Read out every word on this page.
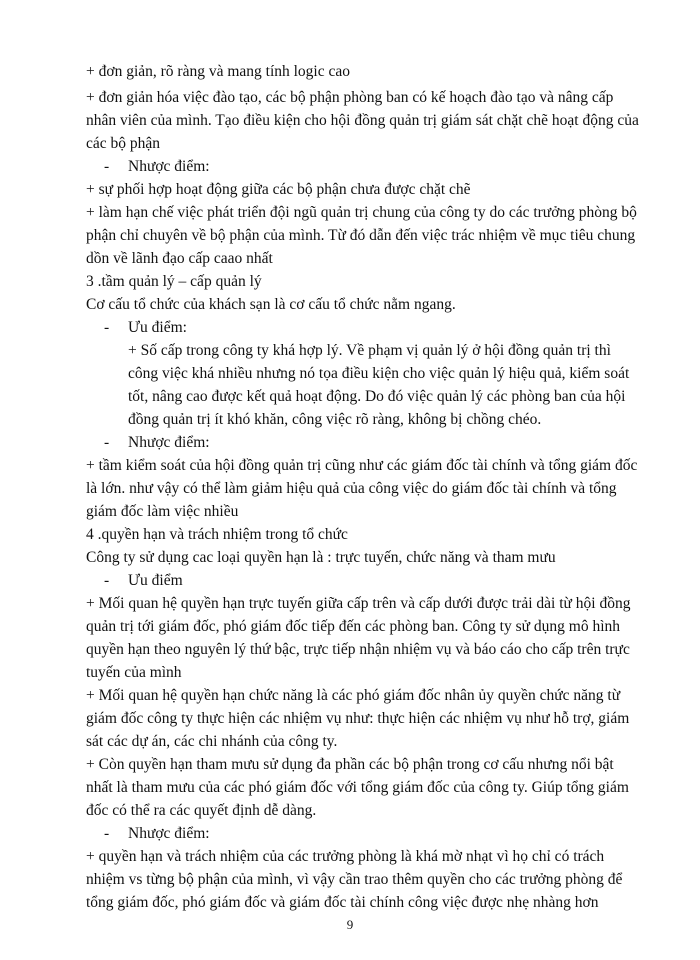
+ đơn giản, rõ ràng và mang tính logic cao
+ đơn giản hóa việc đào tạo, các bộ phận phòng ban có kế hoạch đào tạo và nâng cấp
nhân viên của mình. Tạo điều kiện cho hội đồng quản trị giám sát chặt chẽ hoạt động của
các bộ phận
- Nhược điểm:
+ sự phối hợp hoạt động giữa các bộ phận chưa được chặt chẽ
+ làm hạn chế việc phát triển đội ngũ quản trị chung của công ty do các trưởng phòng bộ
phận chỉ chuyên về bộ phận của mình. Từ đó dẫn đến việc trác nhiệm về mục tiêu chung
dồn về lãnh đạo cấp caao nhất
3 .tầm quản lý – cấp quản lý
Cơ cấu tổ chức của khách sạn là cơ cấu tổ chức nằm ngang.
- Ưu điểm:
+ Số cấp trong công ty khá hợp lý. Về phạm vị quản lý ở hội đồng quản trị thì
công việc khá nhiều nhưng nó tọa điều kiện cho việc quản lý hiệu quả, kiểm soát
tốt, nâng cao được kết quả hoạt động. Do đó việc quản lý các phòng ban của hội
đồng quản trị ít khó khăn, công việc rõ ràng, không bị chồng chéo.
- Nhược điểm:
+ tầm kiểm soát của hội đồng quản trị cũng như các giám đốc tài chính và tổng giám đốc
là lớn. như vậy có thể làm giảm hiệu quả của công việc do giám đốc tài chính và tổng
giám đốc làm việc nhiều
4 .quyền hạn và trách nhiệm trong tổ chức
Công ty sử dụng cac loại quyền hạn là : trực tuyến, chức năng và tham mưu
- Ưu điểm
+ Mối quan hệ quyền hạn trực tuyến giữa cấp trên và cấp dưới được trải dài từ hội đồng
quản trị tới giám đốc, phó giám đốc tiếp đến các phòng ban. Công ty sử dụng mô hình
quyền hạn theo nguyên lý thứ bậc, trực tiếp nhận nhiệm vụ và báo cáo cho cấp trên trực
tuyến của mình
+ Mối quan hệ quyền hạn chức năng là các phó giám đốc nhân ủy quyền chức năng từ
giám đốc công ty thực hiện các nhiệm vụ như: thực hiện các nhiệm vụ như hỗ trợ, giám
sát các dự án, các chi nhánh của công ty.
+ Còn quyền hạn tham mưu sử dụng đa phần các bộ phận trong cơ cấu nhưng nổi bật
nhất là tham mưu của các phó giám đốc với tổng giám đốc của công ty. Giúp tổng giám
đốc có thể ra các quyết định dễ dàng.
- Nhược điểm:
+ quyền hạn và trách nhiệm của các trưởng phòng là khá mờ nhạt vì họ chỉ có trách
nhiệm vs từng bộ phận của mình, vì vậy cần trao thêm quyền cho các trưởng phòng để
tổng giám đốc, phó giám đốc và giám đốc tài chính công việc được nhẹ nhàng hơn
9
